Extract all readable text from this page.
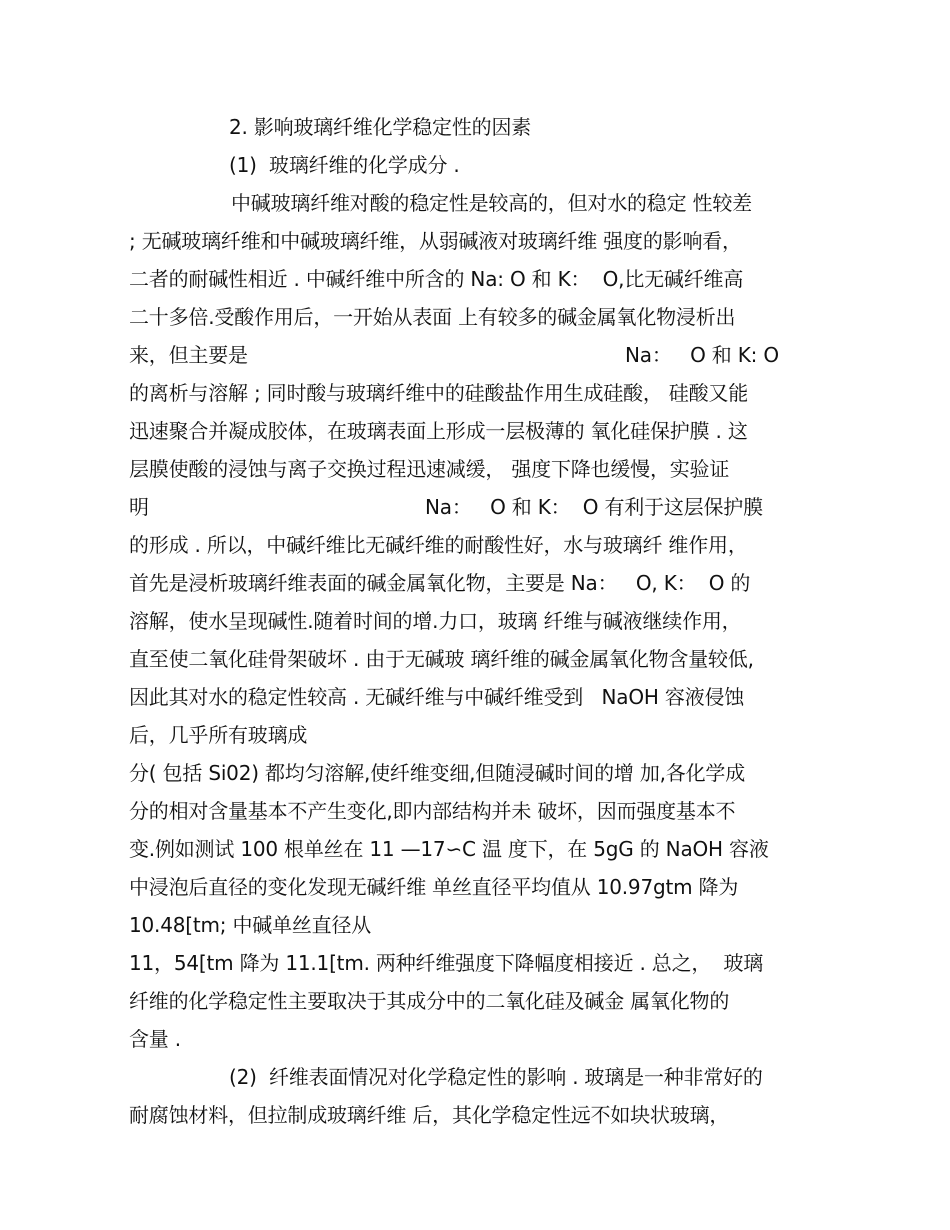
2. 影响玻璃纤维化学稳定性的因素
(1)  玻璃纤维的化学成分 .
中碱玻璃纤维对酸的稳定性是较高的，但对水的稳定 性较差
; 无碱玻璃纤维和中碱玻璃纤维，从弱碱液对玻璃纤维 强度的影响看，
二者的耐碱性相近 . 中碱纤维中所含的 Na: O 和 K：  O,比无碱纤维高
二十多倍.受酸作用后，一开始从表面 上有较多的碱金属氧化物浸析出
来，但主要是	Na：   O 和 K: O
的离析与溶解 ; 同时酸与玻璃纤维中的硅酸盐作用生成硅酸， 硅酸又能
迅速聚合并凝成胶体，在玻璃表面上形成一层极薄的 氧化硅保护膜 . 这
层膜使酸的浸蚀与离子交换过程迅速减缓， 强度下降也缓慢，实验证
明	Na：   O 和 K：  O 有利于这层保护膜
的形成 . 所以，中碱纤维比无碱纤维的耐酸性好，水与玻璃纤 维作用，
首先是浸析玻璃纤维表面的碱金属氧化物，主要是 Na：   O, K：  O 的
溶解，使水呈现碱性.随着时间的增.力口，玻璃 纤维与碱液继续作用，
直至使二氧化硅骨架破坏 . 由于无碱玻 璃纤维的碱金属氧化物含量较低,
因此其对水的稳定性较高 . 无碱纤维与中碱纤维受到   NaOH 容液侵蚀
后，几乎所有玻璃成
分( 包括 Si02) 都均匀溶解,使纤维变细,但随浸碱时间的增 加,各化学成
分的相对含量基本不产生变化,即内部结构并未 破坏，因而强度基本不
变.例如测试 100 根单丝在 11 —17∽C 温 度下，在 5gG 的 NaOH 容液
中浸泡后直径的变化发现无碱纤维 单丝直径平均值从 10.97gtm 降为
10.48[tm; 中碱单丝直径从
11，54[tm 降为 11.1[tm. 两种纤维强度下降幅度相接近 . 总之，  玻璃
纤维的化学稳定性主要取决于其成分中的二氧化硅及碱金 属氧化物的
含量 .
(2)  纤维表面情况对化学稳定性的影响 . 玻璃是一种非常好的
耐腐蚀材料，但拉制成玻璃纤维 后，其化学稳定性远不如块状玻璃，
